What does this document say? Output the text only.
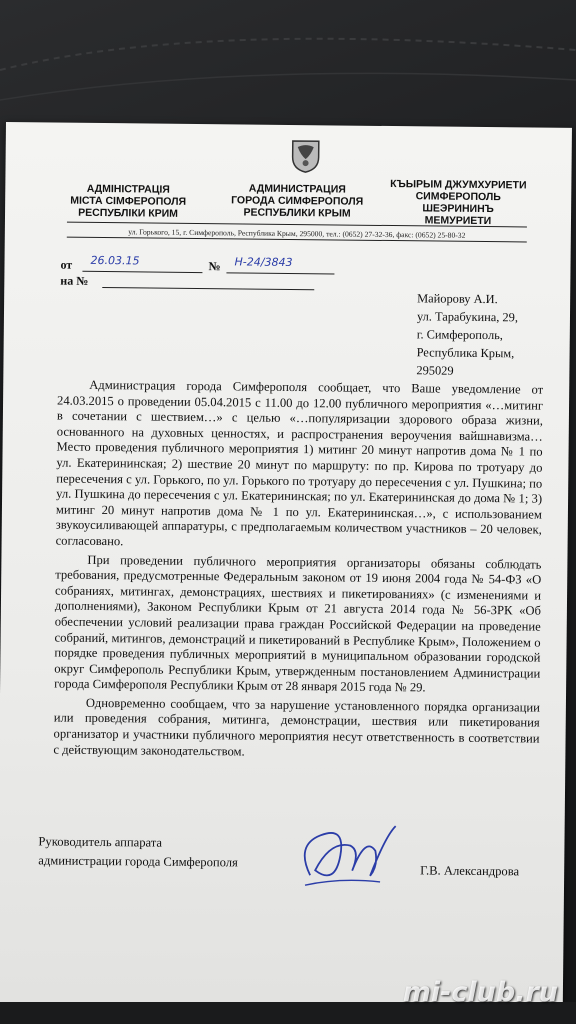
АДМІНІСТРАЦІЯ
МІСТА СІМФЕРОПОЛЯ
РЕСПУБЛІКИ КРИМ
АДМИНИСТРАЦИЯ
ГОРОДА СИМФЕРОПОЛЯ
РЕСПУБЛИКИ КРЫМ
КЪЫРЫМ ДЖУМХУРИЕТИ
СИМФЕРОПОЛЬ
ШЕЭРИНИНЪ
МЕМУРИЕТИ
ул. Горького, 15, г. Симферополь, Республика Крым, 295000, тел.: (0652) 27-32-36, факс: (0652) 25-80-32
от 26.03.15	№ Н-24/3843
на №
Майорову А.И.
ул. Тарабукина, 29,
г. Симферополь,
Республика Крым,
295029

Администрация города Симферополя сообщает, что Ваше уведомление от 24.03.2015 о проведении 05.04.2015 с 11.00 до 12.00 публичного мероприятия «…митинг в сочетании с шествием…» с целью «…популяризации здорового образа жизни, основанного на духовных ценностях, и распространения вероучения вайшнавизма… Место проведения публичного мероприятия 1) митинг 20 минут напротив дома № 1 по ул. Екатерининская; 2) шествие 20 минут по маршруту: по пр. Кирова по тротуару до пересечения с ул. Горького, по ул. Горького по тротуару до пересечения с ул. Пушкина; по ул. Пушкина до пересечения с ул. Екатерининская; по ул. Екатерининская до дома № 1; 3) митинг 20 минут напротив дома № 1 по ул. Екатерининская…», с использованием звукоусиливающей аппаратуры, с предполагаемым количеством участников – 20 человек, согласовано.

При проведении публичного мероприятия организаторы обязаны соблюдать требования, предусмотренные Федеральным законом от 19 июня 2004 года № 54-ФЗ «О собраниях, митингах, демонстрациях, шествиях и пикетированиях» (с изменениями и дополнениями), Законом Республики Крым от 21 августа 2014 года № 56-ЗРК «Об обеспечении условий реализации права граждан Российской Федерации на проведение собраний, митингов, демонстраций и пикетирований в Республике Крым», Положением о порядке проведения публичных мероприятий в муниципальном образовании городской округ Симферополь Республики Крым, утвержденным постановлением Администрации города Симферополя Республики Крым от 28 января 2015 года № 29.

Одновременно сообщаем, что за нарушение установленного порядка организации или проведения собрания, митинга, демонстрации, шествия или пикетирования организатор и участники публичного мероприятия несут ответственность в соответствии с действующим законодательством.

Руководитель аппарата
администрации города Симферополя
Г.В. Александрова
mi-club.ru
